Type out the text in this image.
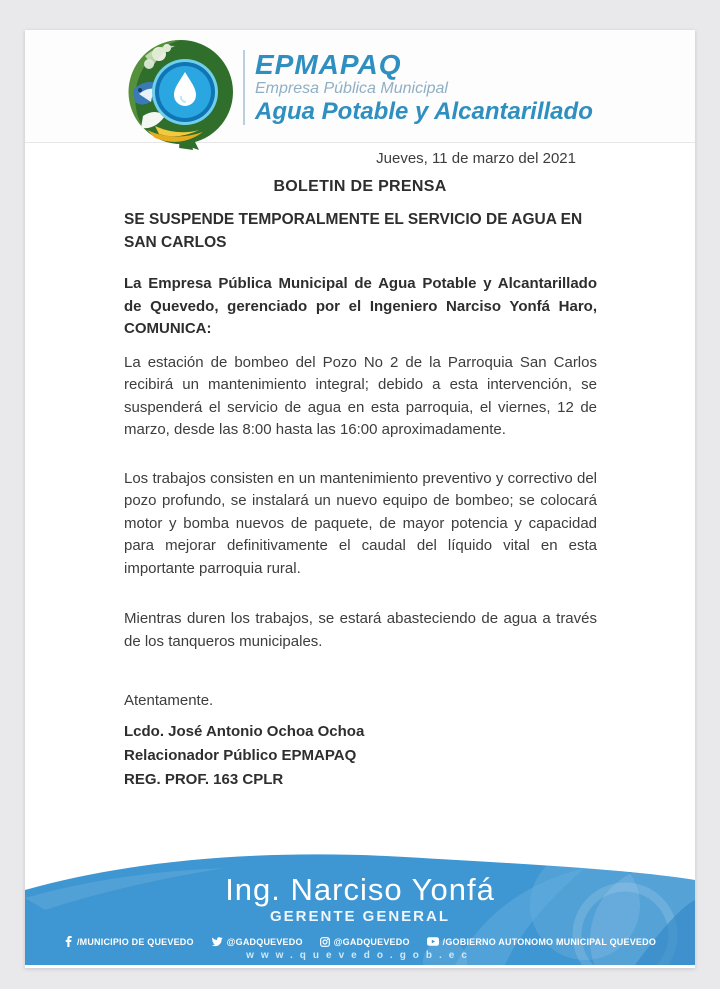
EPMAPAQ
Empresa Pública Municipal
Agua Potable y Alcantarillado
Jueves, 11 de marzo del 2021
BOLETIN DE PRENSA
SE SUSPENDE TEMPORALMENTE EL SERVICIO DE AGUA EN SAN CARLOS

La Empresa Pública Municipal de Agua Potable y Alcantarillado de Quevedo, gerenciado por el Ingeniero Narciso Yonfá Haro, COMUNICA:

La estación de bombeo del Pozo No 2 de la Parroquia San Carlos recibirá un mantenimiento integral; debido a esta intervención, se suspenderá el servicio de agua en esta parroquia, el viernes, 12 de marzo, desde las 8:00 hasta las 16:00 aproximadamente.

Los trabajos consisten en un mantenimiento preventivo y correctivo del pozo profundo, se instalará un nuevo equipo de bombeo; se colocará motor y bomba nuevos de paquete, de mayor potencia y capacidad para mejorar definitivamente el caudal del líquido vital en esta importante parroquia rural.

Mientras duren los trabajos, se estará abasteciendo de agua a través de los tanqueros municipales.

Atentamente.
Lcdo. José Antonio Ochoa Ochoa
Relacionador Público EPMAPAQ
REG. PROF. 163 CPLR
Ing. Narciso Yonfá
GERENTE GENERAL
/MUNICIPIO DE QUEVEDO	@GADQUEVEDO	@GADQUEVEDO	/GOBIERNO AUTONOMO MUNICIPAL QUEVEDO
www.quevedo.gob.ec
